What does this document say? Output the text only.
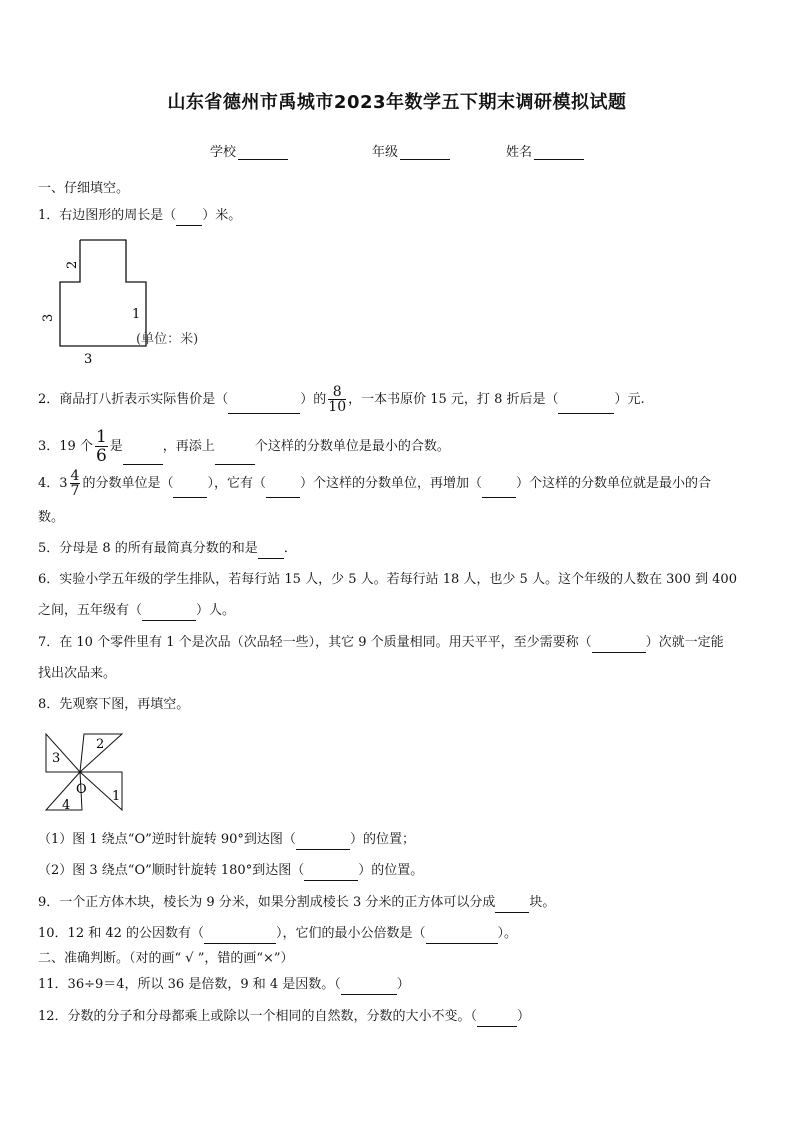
山东省德州市禹城市2023年数学五下期末调研模拟试题
学校	年级	姓名
一、仔细填空。
1．右边图形的周长是（ ）米。
2
3	1
3
(单位：米)
2．商品打八折表示实际售价是（	）的 $\frac{8}{10}$ ，一本书原价 15 元，打 8 折后是（	）元.
3．19 个 $\frac{1}{6}$ 是	，再添上	个这样的分数单位是最小的合数。
4．$3 \frac{4}{7}$ 的分数单位是（	），它有（	）个这样的分数单位，再增加（	）个这样的分数单位就是最小的合
数。
5．分母是 8 的所有最简真分数的和是 ．
6．实验小学五年级的学生排队，若每行站 15 人，少 5 人。若每行站 18 人，也少 5 人。这个年级的人数在 300 到 400
之间，五年级有（	）人。
7．在 10 个零件里有 1 个是次品（次品轻一些），其它 9 个质量相同。用天平平，至少需要称（	）次就一定能
找出次品来。
8．先观察下图，再填空。
3
2
1
4
O
（1）图 1 绕点“O”逆时针旋转 90°到达图（	）的位置；
（2）图 3 绕点“O”顺时针旋转 180°到达图（	）的位置。
9．一个正方体木块，棱长为 9 分米，如果分割成棱长 3 分米的正方体可以分成	块。
10．12 和 42 的公因数有（	），它们的最小公倍数是（	）。
二、准确判断。（对的画“ √ ”，错的画“×”）
11．36÷9＝4，所以 36 是倍数，9 和 4 是因数。（	）
12．分数的分子和分母都乘上或除以一个相同的自然数，分数的大小不变。（	）
